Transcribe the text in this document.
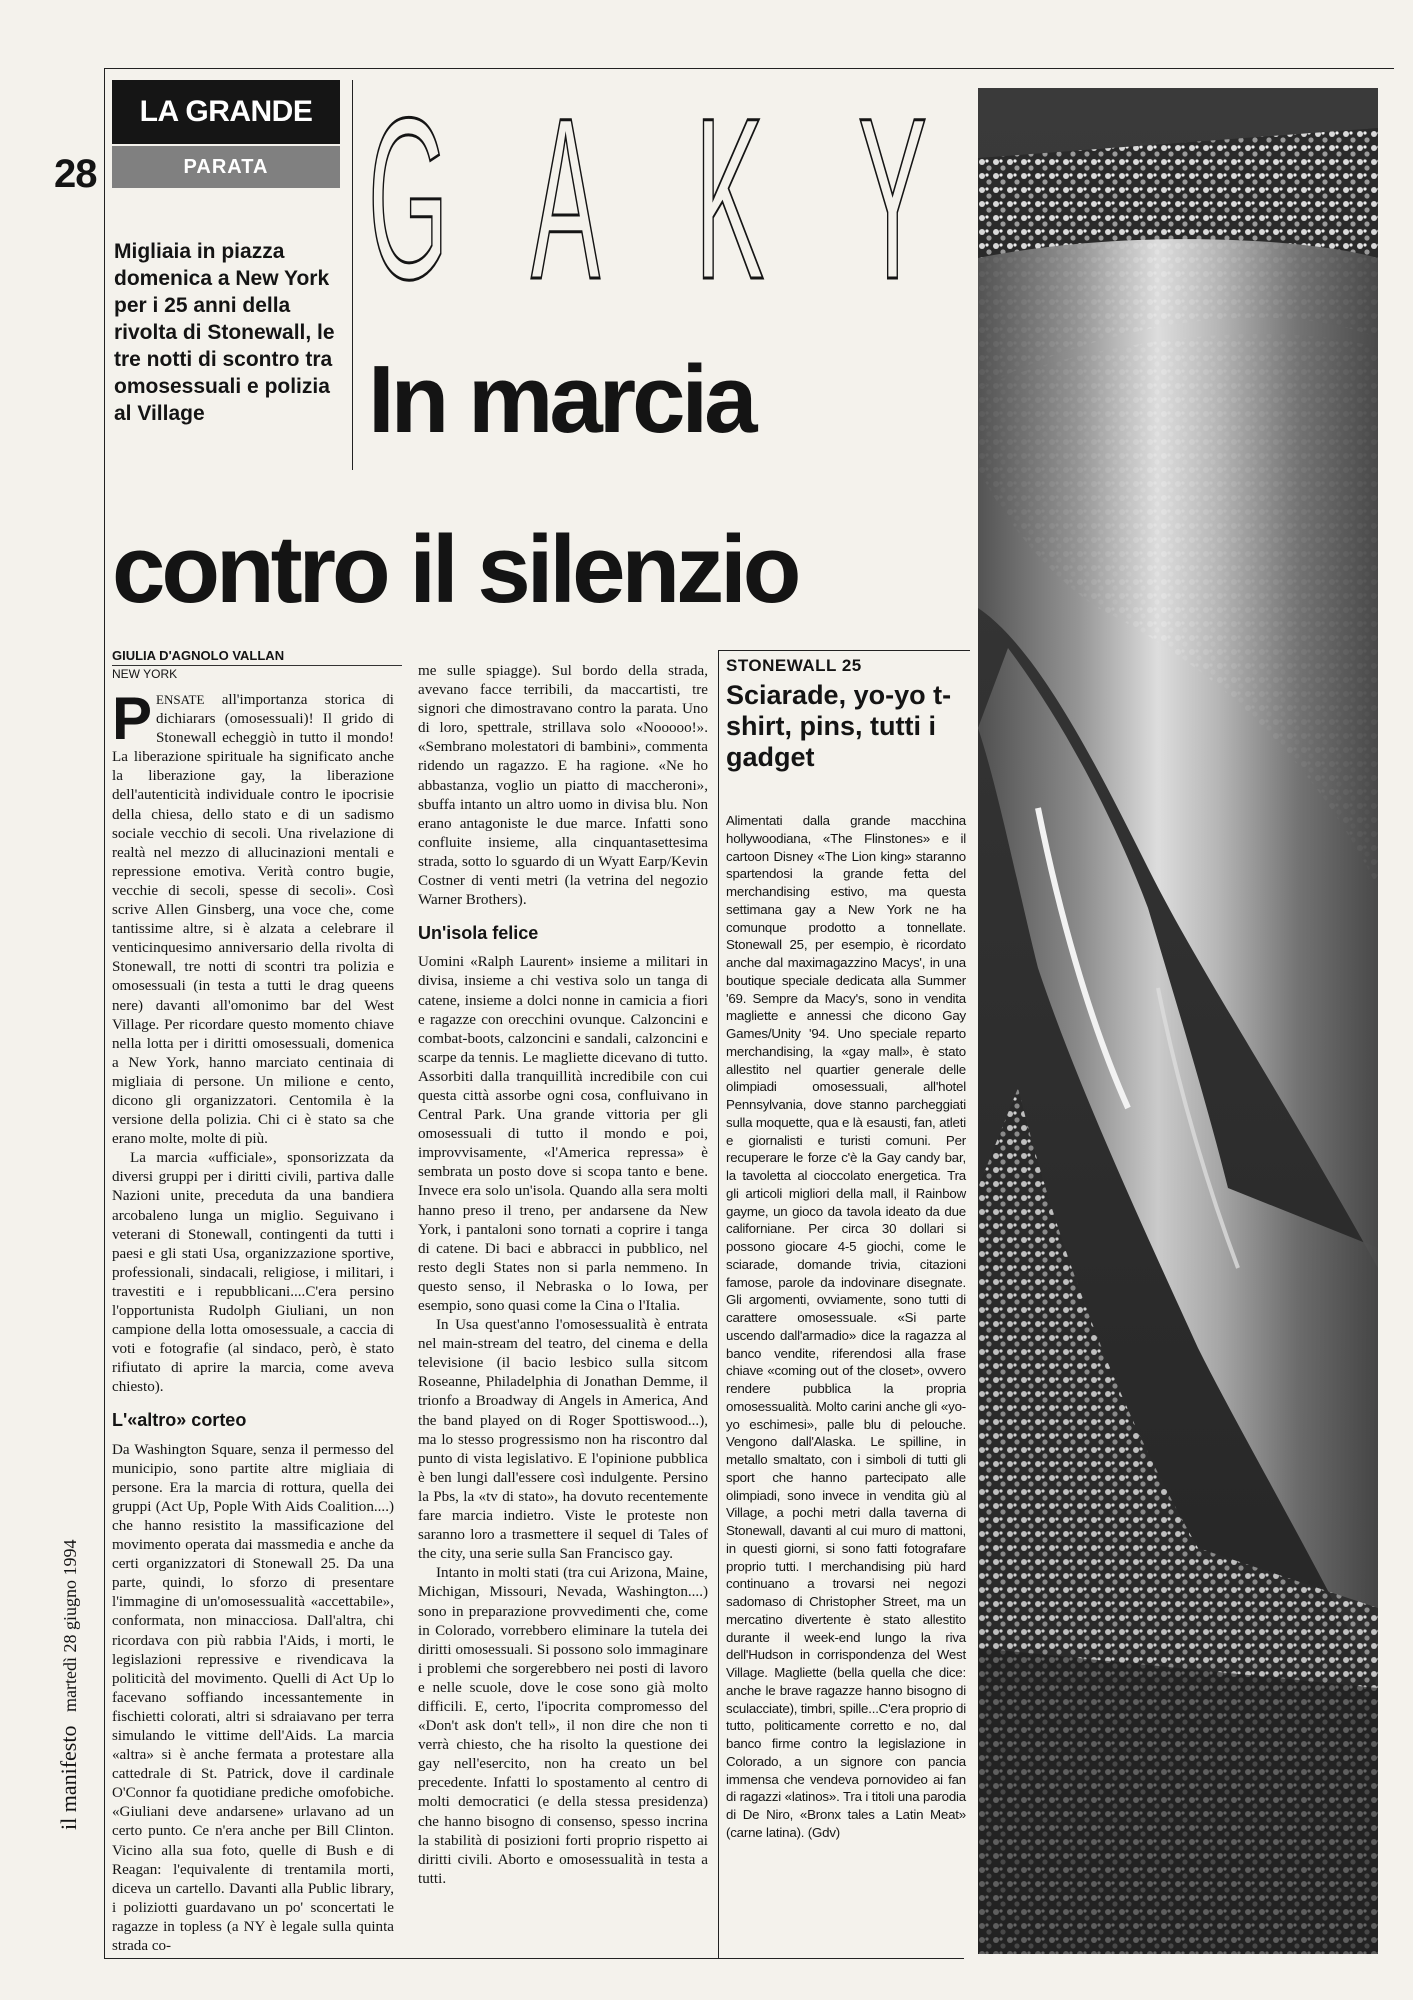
28
il manifesto martedì 28 giugno 1994
LA GRANDE
PARATA
Migliaia in piazza domenica a New York per i 25 anni della rivolta di Stonewall, le tre notti di scontro tra omosessuali e polizia al Village
G A K Y
In marcia
contro il silenzio
GIULIA D'AGNOLO VALLAN
NEW YORK

PENSATE all'importanza storica di dichiarars (omosessuali)! Il grido di Stonewall echeggiò in tutto il mondo! La liberazione spirituale ha significato anche la liberazione gay, la liberazione dell'autenticità individuale contro le ipocrisie della chiesa, dello stato e di un sadismo sociale vecchio di secoli. Una rivelazione di realtà nel mezzo di allucinazioni mentali e repressione emotiva. Verità contro bugie, vecchie di secoli, spesse di secoli». Così scrive Allen Ginsberg, una voce che, come tantissime altre, si è alzata a celebrare il venticinquesimo anniversario della rivolta di Stonewall, tre notti di scontri tra polizia e omosessuali (in testa a tutti le drag queens nere) davanti all'omonimo bar del West Village. Per ricordare questo momento chiave nella lotta per i diritti omosessuali, domenica a New York, hanno marciato centinaia di migliaia di persone. Un milione e cento, dicono gli organizzatori. Centomila è la versione della polizia. Chi ci è stato sa che erano molte, molte di più.

La marcia «ufficiale», sponsorizzata da diversi gruppi per i diritti civili, partiva dalle Nazioni unite, preceduta da una bandiera arcobaleno lunga un miglio. Seguivano i veterani di Stonewall, contingenti da tutti i paesi e gli stati Usa, organizzazione sportive, professionali, sindacali, religiose, i militari, i travestiti e i repubblicani....C'era persino l'opportunista Rudolph Giuliani, un non campione della lotta omosessuale, a caccia di voti e fotografie (al sindaco, però, è stato rifiutato di aprire la marcia, come aveva chiesto).

L'«altro» corteo

Da Washington Square, senza il permesso del municipio, sono partite altre migliaia di persone. Era la marcia di rottura, quella dei gruppi (Act Up, Pople With Aids Coalition....) che hanno resistito la massificazione del movimento operata dai massmedia e anche da certi organizzatori di Stonewall 25. Da una parte, quindi, lo sforzo di presentare l'immagine di un'omosessualità «accettabile», conformata, non minacciosa. Dall'altra, chi ricordava con più rabbia l'Aids, i morti, le legislazioni repressive e rivendicava la politicità del movimento. Quelli di Act Up lo facevano soffiando incessantemente in fischietti colorati, altri si sdraiavano per terra simulando le vittime dell'Aids. La marcia «altra» si è anche fermata a protestare alla cattedrale di St. Patrick, dove il cardinale O'Connor fa quotidiane prediche omofobiche. «Giuliani deve andarsene» urlavano ad un certo punto. Ce n'era anche per Bill Clinton. Vicino alla sua foto, quelle di Bush e di Reagan: l'equivalente di trentamila morti, diceva un cartello. Davanti alla Public library, i poliziotti guardavano un po' sconcertati le ragazze in topless (a NY è legale sulla quinta strada co-

me sulle spiagge). Sul bordo della strada, avevano facce terribili, da maccartisti, tre signori che dimostravano contro la parata. Uno di loro, spettrale, strillava solo «Nooooo!». «Sembrano molestatori di bambini», commenta ridendo un ragazzo. E ha ragione. «Ne ho abbastanza, voglio un piatto di maccheroni», sbuffa intanto un altro uomo in divisa blu. Non erano antagoniste le due marce. Infatti sono confluite insieme, alla cinquantasettesima strada, sotto lo sguardo di un Wyatt Earp/Kevin Costner di venti metri (la vetrina del negozio Warner Brothers).

Un'isola felice

Uomini «Ralph Laurent» insieme a militari in divisa, insieme a chi vestiva solo un tanga di catene, insieme a dolci nonne in camicia a fiori e ragazze con orecchini ovunque. Calzoncini e combat-boots, calzoncini e sandali, calzoncini e scarpe da tennis. Le magliette dicevano di tutto. Assorbiti dalla tranquillità incredibile con cui questa città assorbe ogni cosa, confluivano in Central Park. Una grande vittoria per gli omosessuali di tutto il mondo e poi, improvvisamente, «l'America repressa» è sembrata un posto dove si scopa tanto e bene. Invece era solo un'isola. Quando alla sera molti hanno preso il treno, per andarsene da New York, i pantaloni sono tornati a coprire i tanga di catene. Di baci e abbracci in pubblico, nel resto degli States non si parla nemmeno. In questo senso, il Nebraska o lo Iowa, per esempio, sono quasi come la Cina o l'Italia.

In Usa quest'anno l'omosessualità è entrata nel main-stream del teatro, del cinema e della televisione (il bacio lesbico sulla sitcom Roseanne, Philadelphia di Jonathan Demme, il trionfo a Broadway di Angels in America, And the band played on di Roger Spottiswood...), ma lo stesso progressismo non ha riscontro dal punto di vista legislativo. E l'opinione pubblica è ben lungi dall'essere così indulgente. Persino la Pbs, la «tv di stato», ha dovuto recentemente fare marcia indietro. Viste le proteste non saranno loro a trasmettere il sequel di Tales of the city, una serie sulla San Francisco gay.

Intanto in molti stati (tra cui Arizona, Maine, Michigan, Missouri, Nevada, Washington....) sono in preparazione provvedimenti che, come in Colorado, vorrebbero eliminare la tutela dei diritti omosessuali. Si possono solo immaginare i problemi che sorgerebbero nei posti di lavoro e nelle scuole, dove le cose sono già molto difficili. E, certo, l'ipocrita compromesso del «Don't ask don't tell», il non dire che non ti verrà chiesto, che ha risolto la questione dei gay nell'esercito, non ha creato un bel precedente. Infatti lo spostamento al centro di molti democratici (e della stessa presidenza) che hanno bisogno di consenso, spesso incrina la stabilità di posizioni forti proprio rispetto ai diritti civili. Aborto e omosessualità in testa a tutti.

STONEWALL 25
Sciarade, yo-yo t-shirt, pins, tutti i gadget
Alimentati dalla grande macchina hollywoodiana, «The Flinstones» e il cartoon Disney «The Lion king» staranno spartendosi la grande fetta del merchandising estivo, ma questa settimana gay a New York ne ha comunque prodotto a tonnellate. Stonewall 25, per esempio, è ricordato anche dal maximagazzino Macys', in una boutique speciale dedicata alla Summer '69. Sempre da Macy's, sono in vendita magliette e annessi che dicono Gay Games/Unity '94. Uno speciale reparto merchandising, la «gay mall», è stato allestito nel quartier generale delle olimpiadi omosessuali, all'hotel Pennsylvania, dove stanno parcheggiati sulla moquette, qua e là esausti, fan, atleti e giornalisti e turisti comuni. Per recuperare le forze c'è la Gay candy bar, la tavoletta al cioccolato energetica. Tra gli articoli migliori della mall, il Rainbow gayme, un gioco da tavola ideato da due californiane. Per circa 30 dollari si possono giocare 4-5 giochi, come le sciarade, domande trivia, citazioni famose, parole da indovinare disegnate. Gli argomenti, ovviamente, sono tutti di carattere omosessuale. «Si parte uscendo dall'armadio» dice la ragazza al banco vendite, riferendosi alla frase chiave «coming out of the closet», ovvero rendere pubblica la propria omosessualità. Molto carini anche gli «yo-yo eschimesi», palle blu di pelouche. Vengono dall'Alaska. Le spilline, in metallo smaltato, con i simboli di tutti gli sport che hanno partecipato alle olimpiadi, sono invece in vendita giù al Village, a pochi metri dalla taverna di Stonewall, davanti al cui muro di mattoni, in questi giorni, si sono fatti fotografare proprio tutti. I merchandising più hard continuano a trovarsi nei negozi sadomaso di Christopher Street, ma un mercatino divertente è stato allestito durante il week-end lungo la riva dell'Hudson in corrispondenza del West Village. Magliette (bella quella che dice: anche le brave ragazze hanno bisogno di sculacciate), timbri, spille...C'era proprio di tutto, politicamente corretto e no, dal banco firme contro la legislazione in Colorado, a un signore con pancia immensa che vendeva pornovideo ai fan di ragazzi «latinos». Tra i titoli una parodia di De Niro, «Bronx tales a Latin Meat» (carne latina). (Gdv)
